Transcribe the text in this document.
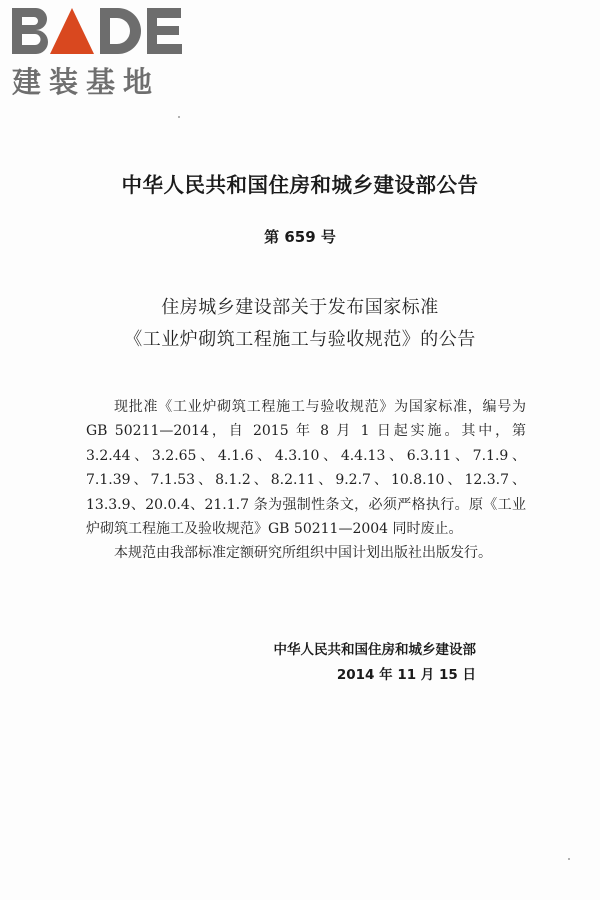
建装基地
中华人民共和国住房和城乡建设部公告
第 659 号
住房城乡建设部关于发布国家标准
《工业炉砌筑工程施工与验收规范》的公告

现批准《工业炉砌筑工程施工与验收规范》为国家标准，编号为 GB 50211—2014，自 2015 年 8 月 1 日起实施。其中，第 3.2.44、3.2.65、4.1.6、4.3.10、4.4.13、6.3.11、7.1.9、7.1.39、7.1.53、8.1.2、8.2.11、9.2.7、10.8.10、12.3.7、13.3.9、20.0.4、21.1.7 条为强制性条文，必须严格执行。原《工业炉砌筑工程施工及验收规范》GB 50211—2004 同时废止。

本规范由我部标准定额研究所组织中国计划出版社出版发行。

中华人民共和国住房和城乡建设部
2014 年 11 月 15 日
